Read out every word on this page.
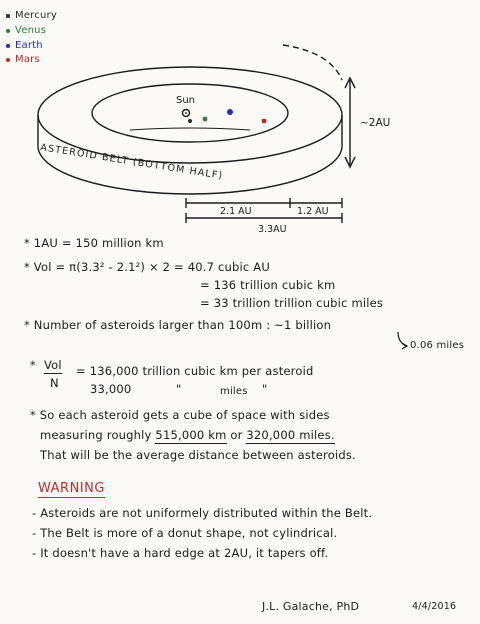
Mercury
Venus
Earth
Mars
Sun
ASTEROID BELT (BOTTOM HALF)
~2AU
2.1 AU	1.2 AU
3.3AU
* 1AU = 150 million km
* Vol = π(3.3² - 2.1²) × 2 = 40.7 cubic AU
= 136 trillion cubic km
= 33 trillion trillion cubic miles
* Number of asteroids larger than 100m : ~1 billion
0.06 miles
* Vol
N
= 136,000 trillion cubic km per asteroid
33,000	"	miles "
* So each asteroid gets a cube of space with sides
measuring roughly 515,000 km or 320,000 miles.
That will be the average distance between asteroids.
WARNING
- Asteroids are not uniformely distributed within the Belt.
- The Belt is more of a donut shape, not cylindrical.
- It doesn't have a hard edge at 2AU, it tapers off.
J.L. Galache, PhD	4/4/2016
